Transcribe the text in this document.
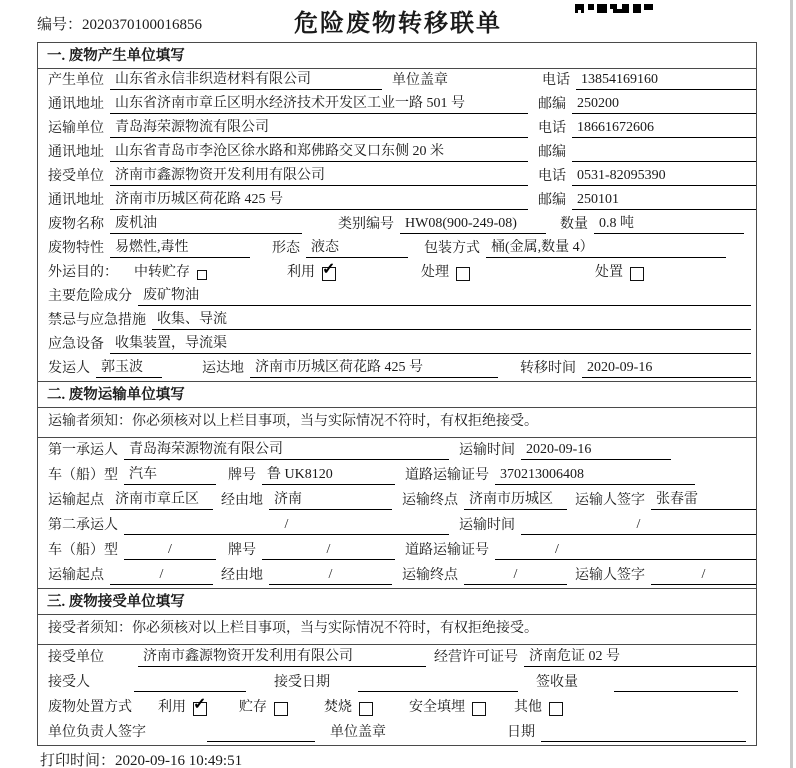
编号：2020370100016856	危险废物转移联单
一. 废物产生单位填写
产生单位 山东省永信非织造材料有限公司	单位盖章	电话 13854169160
通讯地址 山东省济南市章丘区明水经济技术开发区工业一路 501 号	邮编 250200
运输单位 青岛海荣源物流有限公司	电话 18661672606
通讯地址 山东省青岛市李沧区徐水路和郑佛路交叉口东侧 20 米	邮编
接受单位 济南市鑫源物资开发利用有限公司	电话 0531-82095390
通讯地址 济南市历城区荷花路 425 号	邮编 250101
废物名称 废机油	类别编号 HW08(900-249-08)	数量 0.8 吨
废物特性 易燃性,毒性	形态 液态	包装方式 桶(金属,数量 4）
外运目的： 中转贮存	利用 ✓	处理	处置
主要危险成分 废矿物油
禁忌与应急措施 收集、导流
应急设备 收集装置，导流渠
发运人 郭玉波	运达地 济南市历城区荷花路 425 号	转移时间 2020-09-16
二. 废物运输单位填写
运输者须知：你必须核对以上栏目事项，当与实际情况不符时，有权拒绝接受。
第一承运人 青岛海荣源物流有限公司	运输时间 2020-09-16
车（船）型 汽车	牌号 鲁 UK8120	道路运输证号 370213006408
运输起点 济南市章丘区	经由地 济南	运输终点 济南市历城区	运输人签字 张春雷
第二承运人	/	运输时间	/
车（船）型	/	牌号	/	道路运输证号	/
运输起点	/	经由地	/	运输终点	/	运输人签字	/
三. 废物接受单位填写
接受者须知：你必须核对以上栏目事项，当与实际情况不符时，有权拒绝接受。
接受单位	济南市鑫源物资开发利用有限公司	经营许可证号 济南危证 02 号
接受人	接受日期	签收量
废物处置方式 利用 ✓	贮存	焚烧	安全填埋	其他
单位负责人签字	单位盖章	日期
打印时间：2020-09-16 10:49:51
